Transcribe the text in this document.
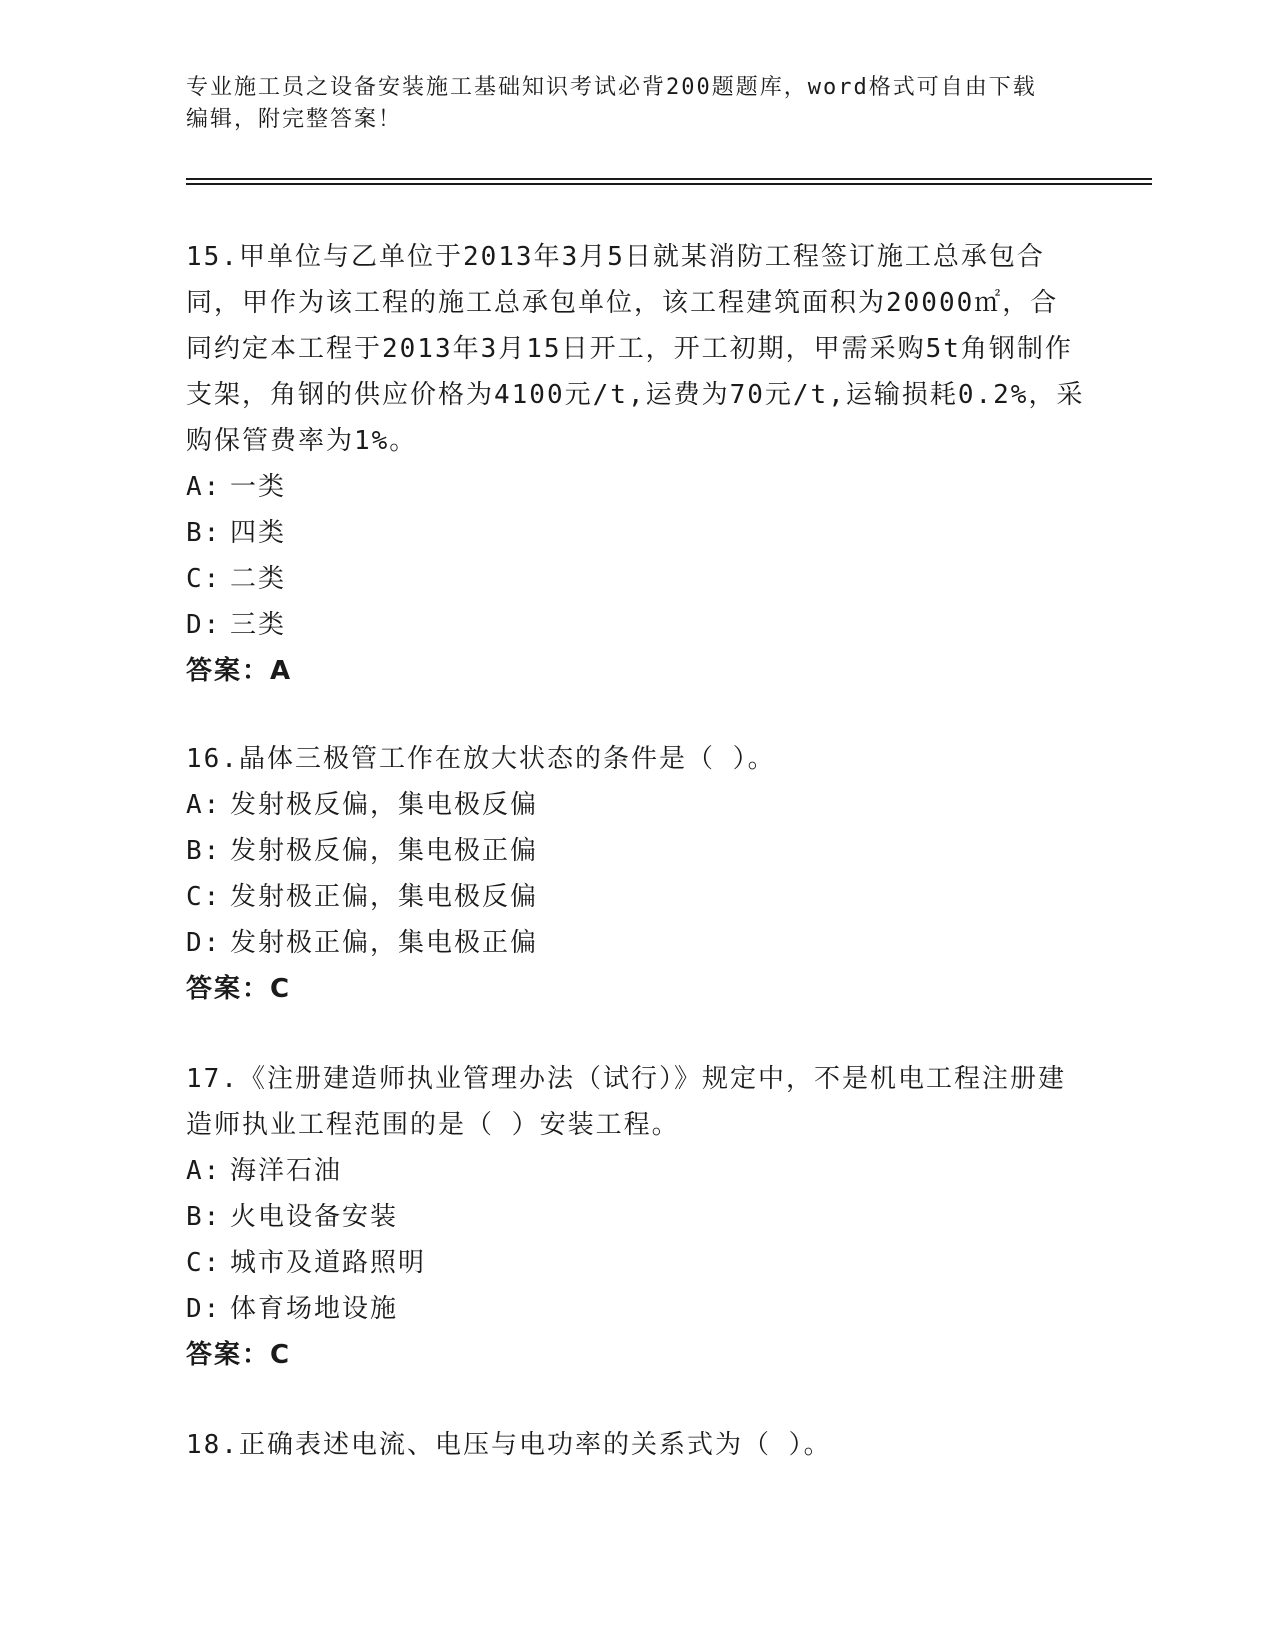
专业施工员之设备安装施工基础知识考试必背200题题库，word格式可自由下载
编辑，附完整答案！

15.甲单位与乙单位于2013年3月5日就某消防工程签订施工总承包合同，甲作为该工程的施工总承包单位，该工程建筑面积为20000㎡，合同约定本工程于2013年3月15日开工，开工初期，甲需采购5t角钢制作支架，角钢的供应价格为4100元/t,运费为70元/t,运输损耗0.2%，采购保管费率为1%。

A: 一类
B: 四类
C: 二类
D: 三类
答案：A

16.晶体三极管工作在放大状态的条件是（ ）。

A: 发射极反偏，集电极反偏
B: 发射极反偏，集电极正偏
C: 发射极正偏，集电极反偏
D: 发射极正偏，集电极正偏
答案：C

17.《注册建造师执业管理办法（试行）》规定中，不是机电工程注册建造师执业工程范围的是（ ）安装工程。

A: 海洋石油
B: 火电设备安装
C: 城市及道路照明
D: 体育场地设施
答案：C

18.正确表述电流、电压与电功率的关系式为（ ）。
